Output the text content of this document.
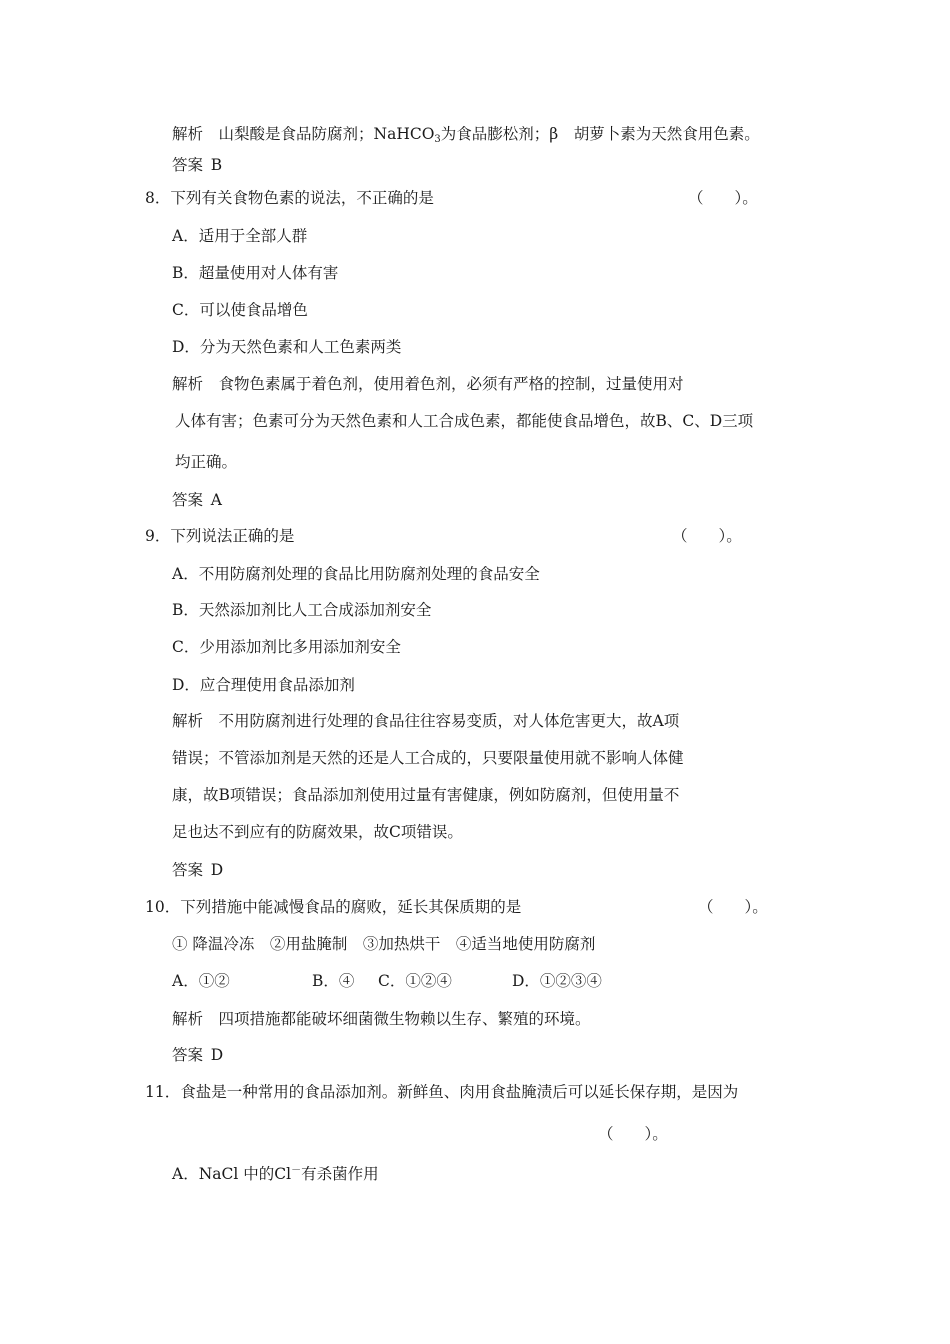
解析  山梨酸是食品防腐剂；NaHCO$_3$为食品膨松剂；β　胡萝卜素为天然食用色素。
答案  B
8．下列有关食物色素的说法，不正确的是	（　　）。
A．适用于全部人群
B．超量使用对人体有害
C．可以使食品增色
D．分为天然色素和人工色素两类
解析  食物色素属于着色剂，使用着色剂，必须有严格的控制，过量使用对
人体有害；色素可分为天然色素和人工合成色素，都能使食品增色，故B、C、D三项
均正确。
答案  A
9．下列说法正确的是	（　　）。
A．不用防腐剂处理的食品比用防腐剂处理的食品安全
B．天然添加剂比人工合成添加剂安全
C．少用添加剂比多用添加剂安全
D．应合理使用食品添加剂
解析  不用防腐剂进行处理的食品往往容易变质，对人体危害更大，故A项
错误；不管添加剂是天然的还是人工合成的，只要限量使用就不影响人体健
康，故B项错误；食品添加剂使用过量有害健康，例如防腐剂，但使用量不
足也达不到应有的防腐效果，故C项错误。
答案  D
10．下列措施中能减慢食品的腐败，延长其保质期的是	（　　）。
① 降温冷冻　②用盐腌制　③加热烘干　④适当地使用防腐剂
A．①②	B．④ C．①②④	D．①②③④
解析  四项措施都能破坏细菌微生物赖以生存、繁殖的环境。
答案  D
11．食盐是一种常用的食品添加剂。新鲜鱼、肉用食盐腌渍后可以延长保存期，是因为
（　　）。
A．NaCl 中的Cl－有杀菌作用
